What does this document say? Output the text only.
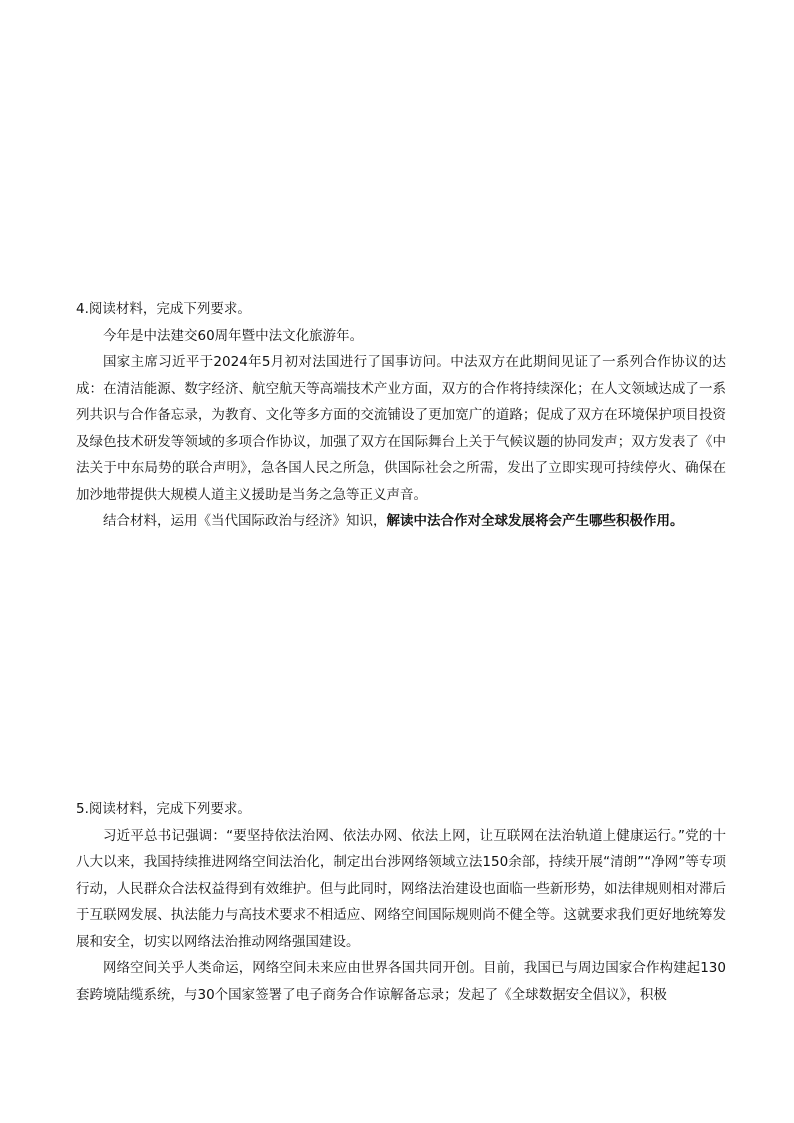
4.阅读材料，完成下列要求。

今年是中法建交60周年暨中法文化旅游年。

国家主席习近平于2024年5月初对法国进行了国事访问。中法双方在此期间见证了一系列合作协议的达成：在清洁能源、数字经济、航空航天等高端技术产业方面，双方的合作将持续深化；在人文领域达成了一系列共识与合作备忘录，为教育、文化等多方面的交流铺设了更加宽广的道路；促成了双方在环境保护项目投资及绿色技术研发等领域的多项合作协议，加强了双方在国际舞台上关于气候议题的协同发声；双方发表了《中法关于中东局势的联合声明》，急各国人民之所急，供国际社会之所需，发出了立即实现可持续停火、确保在加沙地带提供大规模人道主义援助是当务之急等正义声音。

结合材料，运用《当代国际政治与经济》知识，解读中法合作对全球发展将会产生哪些积极作用。

5.阅读材料，完成下列要求。

习近平总书记强调：“要坚持依法治网、依法办网、依法上网，让互联网在法治轨道上健康运行。”党的十八大以来，我国持续推进网络空间法治化，制定出台涉网络领域立法150余部，持续开展“清朗”“净网”等专项行动，人民群众合法权益得到有效维护。但与此同时，网络法治建设也面临一些新形势，如法律规则相对滞后于互联网发展、执法能力与高技术要求不相适应、网络空间国际规则尚不健全等。这就要求我们更好地统筹发展和安全，切实以网络法治推动网络强国建设。

网络空间关乎人类命运，网络空间未来应由世界各国共同开创。目前，我国已与周边国家合作构建起130套跨境陆缆系统，与30个国家签署了电子商务合作谅解备忘录；发起了《全球数据安全倡议》，积极
